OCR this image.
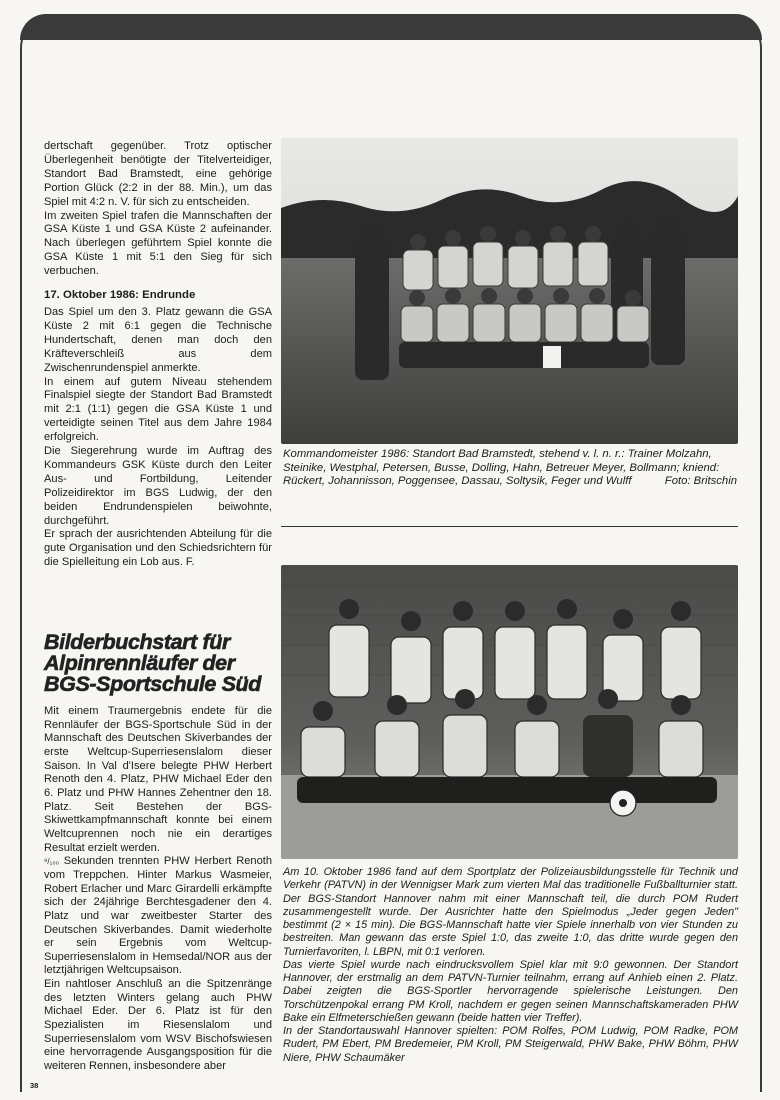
dertschaft gegenüber. Trotz optischer Überlegenheit benötigte der Titelverteidiger, Standort Bad Bramstedt, eine gehörige Portion Glück (2:2 in der 88. Min.), um das Spiel mit 4:2 n. V. für sich zu entscheiden.

Im zweiten Spiel trafen die Mannschaften der GSA Küste 1 und GSA Küste 2 aufeinander. Nach überlegen geführtem Spiel konnte die GSA Küste 1 mit 5:1 den Sieg für sich verbuchen.

17. Oktober 1986: Endrunde

Das Spiel um den 3. Platz gewann die GSA Küste 2 mit 6:1 gegen die Technische Hundertschaft, denen man doch den Kräfteverschleiß aus dem Zwischenrundenspiel anmerkte.

In einem auf gutem Niveau stehendem Finalspiel siegte der Standort Bad Bramstedt mit 2:1 (1:1) gegen die GSA Küste 1 und verteidigte seinen Titel aus dem Jahre 1984 erfolgreich.

Die Siegerehrung wurde im Auftrag des Kommandeurs GSK Küste durch den Leiter Aus- und Fortbildung, Leitender Polizeidirektor im BGS Ludwig, der den beiden Endrundenspielen beiwohnte, durchgeführt.

Er sprach der ausrichtenden Abteilung für die gute Organisation und den Schiedsrichtern für die Spielleitung ein Lob aus. F.

Bilderbuchstart für
Alpinrennläufer der
BGS-Sportschule Süd

Mit einem Traumergebnis endete für die Rennläufer der BGS-Sportschule Süd in der Mannschaft des Deutschen Skiverbandes der erste Weltcup-Superriesenslalom dieser Saison. In Val d'Isere belegte PHW Herbert Renoth den 4. Platz, PHW Michael Eder den 6. Platz und PHW Hannes Zehentner den 18. Platz. Seit Bestehen der BGS-Skiwettkampfmannschaft konnte bei einem Weltcuprennen noch nie ein derartiges Resultat erzielt werden.

⁹/₁₀₀ Sekunden trennten PHW Herbert Renoth vom Treppchen. Hinter Markus Wasmeier, Robert Erlacher und Marc Girardelli erkämpfte sich der 24jährige Berchtesgadener den 4. Platz und war zweitbester Starter des Deutschen Skiverbandes. Damit wiederholte er sein Ergebnis vom Weltcup-Superriesenslalom in Hemsedal/NOR aus der letztjährigen Weltcupsaison.

Ein nahtloser Anschluß an die Spitzenränge des letzten Winters gelang auch PHW Michael Eder. Der 6. Platz ist für den Spezialisten im Riesenslalom und Superriesenslalom vom WSV Bischofswiesen eine hervorragende Ausgangsposition für die weiteren Rennen, insbesondere aber

38

Kommandomeister 1986: Standort Bad Bramstedt, stehend v. l. n. r.: Trainer Molzahn, Steinike, Westphal, Petersen, Busse, Dolling, Hahn, Betreuer Meyer, Bollmann; kniend: Rückert, Johannisson, Poggensee, Dassau, Soltysik, Feger und Wulff	Foto: Britschin

Am 10. Oktober 1986 fand auf dem Sportplatz der Polizeiausbildungsstelle für Technik und Verkehr (PATVN) in der Wennigser Mark zum vierten Mal das traditionelle Fußballturnier statt. Der BGS-Standort Hannover nahm mit einer Mannschaft teil, die durch POM Rudert zusammengestellt wurde. Der Ausrichter hatte den Spielmodus „Jeder gegen Jeden" bestimmt (2 × 15 min). Die BGS-Mannschaft hatte vier Spiele innerhalb von vier Stunden zu bestreiten. Man gewann das erste Spiel 1:0, das zweite 1:0, das dritte wurde gegen den Turnierfavoriten, l. LBPN, mit 0:1 verloren.

Das vierte Spiel wurde nach eindrucksvollem Spiel klar mit 9:0 gewonnen. Der Standort Hannover, der erstmalig an dem PATVN-Turnier teilnahm, errang auf Anhieb einen 2. Platz. Dabei zeigten die BGS-Sportler hervorragende spielerische Leistungen. Den Torschützenpokal errang PM Kroll, nachdem er gegen seinen Mannschaftskameraden PHW Bake ein Elfmeterschießen gewann (beide hatten vier Treffer).

In der Standortauswahl Hannover spielten: POM Rolfes, POM Ludwig, POM Radke, POM Rudert, PM Ebert, PM Bredemeier, PM Kroll, PM Steigerwald, PHW Bake, PHW Böhm, PHW Niere, PHW Schaumäker
